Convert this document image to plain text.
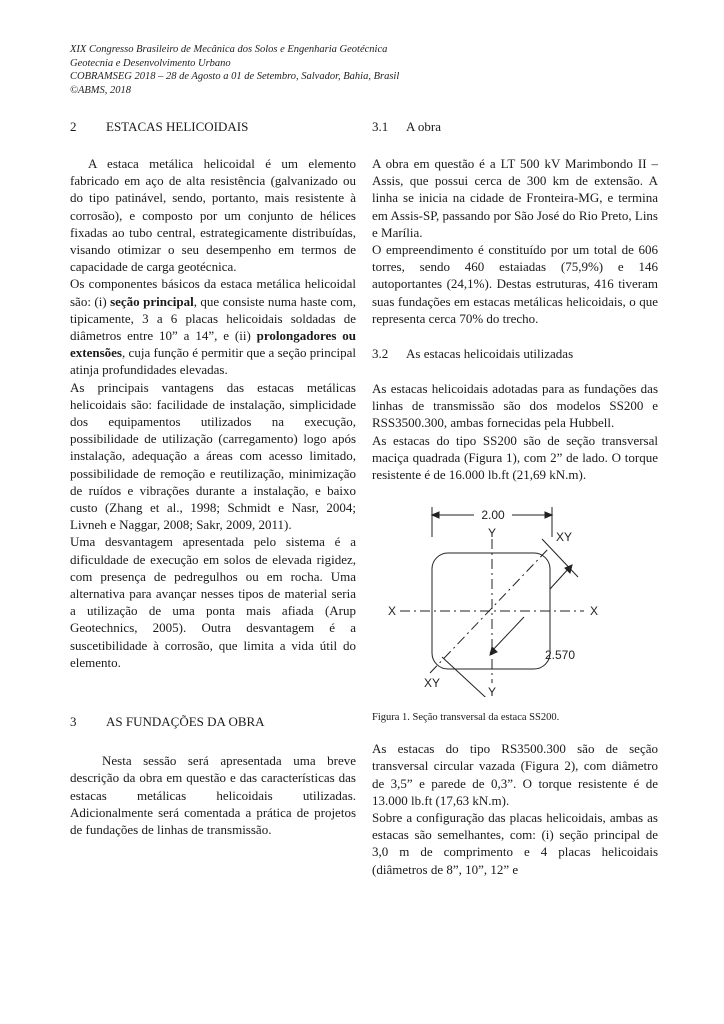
XIX Congresso Brasileiro de Mecânica dos Solos e Engenharia Geotécnica
Geotecnia e Desenvolvimento Urbano
COBRAMSEG 2018 – 28 de Agosto a 01 de Setembro, Salvador, Bahia, Brasil
©ABMS, 2018
2	ESTACAS HELICOIDAIS

A estaca metálica helicoidal é um elemento fabricado em aço de alta resistência (galvanizado ou do tipo patinável, sendo, portanto, mais resistente à corrosão), e composto por um conjunto de hélices fixadas ao tubo central, estrategicamente distribuídas, visando otimizar o seu desempenho em termos de capacidade de carga geotécnica.

Os componentes básicos da estaca metálica helicoidal são: (i) seção principal, que consiste numa haste com, tipicamente, 3 a 6 placas helicoidais soldadas de diâmetros entre 10” a 14”, e (ii) prolongadores ou extensões, cuja função é permitir que a seção principal atinja profundidades elevadas.

As principais vantagens das estacas metálicas helicoidais são: facilidade de instalação, simplicidade dos equipamentos utilizados na execução, possibilidade de utilização (carregamento) logo após instalação, adequação a áreas com acesso limitado, possibilidade de remoção e reutilização, minimização de ruídos e vibrações durante a instalação, e baixo custo (Zhang et al., 1998; Schmidt e Nasr, 2004; Livneh e Naggar, 2008; Sakr, 2009, 2011).

Uma desvantagem apresentada pelo sistema é a dificuldade de execução em solos de elevada rigidez, com presença de pedregulhos ou em rocha. Uma alternativa para avançar nesses tipos de material seria a utilização de uma ponta mais afiada (Arup Geotechnics, 2005). Outra desvantagem é a suscetibilidade à corrosão, que limita a vida útil do elemento.

3	AS FUNDAÇÕES DA OBRA

Nesta sessão será apresentada uma breve descrição da obra em questão e das características das estacas metálicas helicoidais utilizadas. Adicionalmente será comentada a prática de projetos de fundações de linhas de transmissão.

3.1	A obra

A obra em questão é a LT 500 kV Marimbondo II – Assis, que possui cerca de 300 km de extensão. A linha se inicia na cidade de Fronteira-MG, e termina em Assis-SP, passando por São José do Rio Preto, Lins e Marília.

O empreendimento é constituído por um total de 606 torres, sendo 460 estaiadas (75,9%) e 146 autoportantes (24,1%). Destas estruturas, 416 tiveram suas fundações em estacas metálicas helicoidais, o que representa cerca 70% do trecho.

3.2	As estacas helicoidais utilizadas

As estacas helicoidais adotadas para as fundações das linhas de transmissão são dos modelos SS200 e RSS3500.300, ambas fornecidas pela Hubbell.

As estacas do tipo SS200 são de seção transversal maciça quadrada (Figura 1), com 2” de lado. O torque resistente é de 16.000 lb.ft (21,69 kN.m).

2.00
Y
Y
X	X
XY
XY
2.570
Figura 1. Seção transversal da estaca SS200.

As estacas do tipo RS3500.300 são de seção transversal circular vazada (Figura 2), com diâmetro de 3,5” e parede de 0,3”. O torque resistente é de 13.000 lb.ft (17,63 kN.m).

Sobre a configuração das placas helicoidais, ambas as estacas são semelhantes, com: (i) seção principal de 3,0 m de comprimento e 4 placas helicoidais (diâmetros de 8”, 10”, 12” e
